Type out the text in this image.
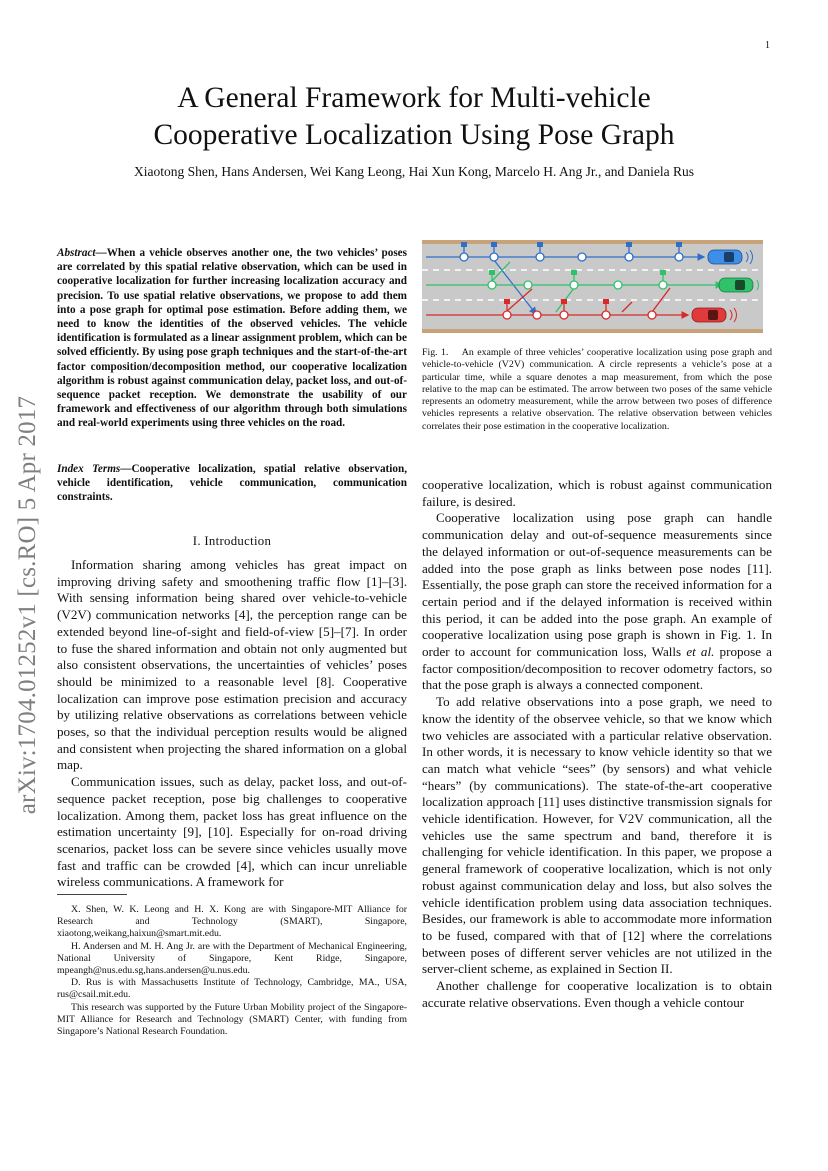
1
A General Framework for Multi-vehicle
Cooperative Localization Using Pose Graph
Xiaotong Shen, Hans Andersen, Wei Kang Leong, Hai Xun Kong, Marcelo H. Ang Jr., and Daniela Rus
arXiv:1704.01252v1 [cs.RO] 5 Apr 2017
Abstract—When a vehicle observes another one, the two vehicles’ poses are correlated by this spatial relative observation, which can be used in cooperative localization for further increasing localization accuracy and precision. To use spatial relative observations, we propose to add them into a pose graph for optimal pose estimation. Before adding them, we need to know the identities of the observed vehicles. The vehicle identification is formulated as a linear assignment problem, which can be solved efficiently. By using pose graph techniques and the start-of-the-art factor composition/decomposition method, our cooperative localization algorithm is robust against communication delay, packet loss, and out-of-sequence packet reception. We demonstrate the usability of our framework and effectiveness of our algorithm through both simulations and real-world experiments using three vehicles on the road.
Index Terms—Cooperative localization, spatial relative observation, vehicle identification, vehicle communication, communication constraints.
I. Introduction

Information sharing among vehicles has great impact on improving driving safety and smoothening traffic flow [1]–[3]. With sensing information being shared over vehicle-to-vehicle (V2V) communication networks [4], the perception range can be extended beyond line-of-sight and field-of-view [5]–[7]. In order to fuse the shared information and obtain not only augmented but also consistent observations, the uncertainties of vehicles’ poses should be minimized to a reasonable level [8]. Cooperative localization can improve pose estimation precision and accuracy by utilizing relative observations as correlations between vehicle poses, so that the individual perception results would be aligned and consistent when projecting the shared information on a global map.

Communication issues, such as delay, packet loss, and out-of-sequence packet reception, pose big challenges to cooperative localization. Among them, packet loss has great influence on the estimation uncertainty [9], [10]. Especially for on-road driving scenarios, packet loss can be severe since vehicles usually move fast and traffic can be crowded [4], which can incur unreliable wireless communications. A framework for

X. Shen, W. K. Leong and H. X. Kong are with Singapore-MIT Alliance for Research and Technology (SMART), Singapore, xiaotong,weikang,haixun@smart.mit.edu.

H. Andersen and M. H. Ang Jr. are with the Department of Mechanical Engineering, National University of Singapore, Kent Ridge, Singapore, mpeangh@nus.edu.sg,hans.andersen@u.nus.edu.

D. Rus is with Massachusetts Institute of Technology, Cambridge, MA., USA, rus@csail.mit.edu.

This research was supported by the Future Urban Mobility project of the Singapore-MIT Alliance for Research and Technology (SMART) Center, with funding from Singapore’s National Research Foundation.

Fig. 1. An example of three vehicles’ cooperative localization using pose graph and vehicle-to-vehicle (V2V) communication. A circle represents a vehicle’s pose at a particular time, while a square denotes a map measurement, from which the pose relative to the map can be estimated. The arrow between two poses of the same vehicle represents an odometry measurement, while the arrow between two poses of difference vehicles represents a relative observation. The relative observation between vehicles correlates their pose estimation in the cooperative localization.

cooperative localization, which is robust against communication failure, is desired.

Cooperative localization using pose graph can handle communication delay and out-of-sequence measurements since the delayed information or out-of-sequence measurements can be added into the pose graph as links between pose nodes [11]. Essentially, the pose graph can store the received information for a certain period and if the delayed information is received within this period, it can be added into the pose graph. An example of cooperative localization using pose graph is shown in Fig. 1. In order to account for communication loss, Walls et al. propose a factor composition/decomposition to recover odometry factors, so that the pose graph is always a connected component.

To add relative observations into a pose graph, we need to know the identity of the observee vehicle, so that we know which two vehicles are associated with a particular relative observation. In other words, it is necessary to know vehicle identity so that we can match what vehicle “sees” (by sensors) and what vehicle “hears” (by communications). The state-of-the-art cooperative localization approach [11] uses distinctive transmission signals for vehicle identification. However, for V2V communication, all the vehicles use the same spectrum and band, therefore it is challenging for vehicle identification. In this paper, we propose a general framework of cooperative localization, which is not only robust against communication delay and loss, but also solves the vehicle identification problem using data association techniques. Besides, our framework is able to accommodate more information to be fused, compared with that of [12] where the correlations between poses of different server vehicles are not utilized in the server-client scheme, as explained in Section II.

Another challenge for cooperative localization is to obtain accurate relative observations. Even though a vehicle contour
